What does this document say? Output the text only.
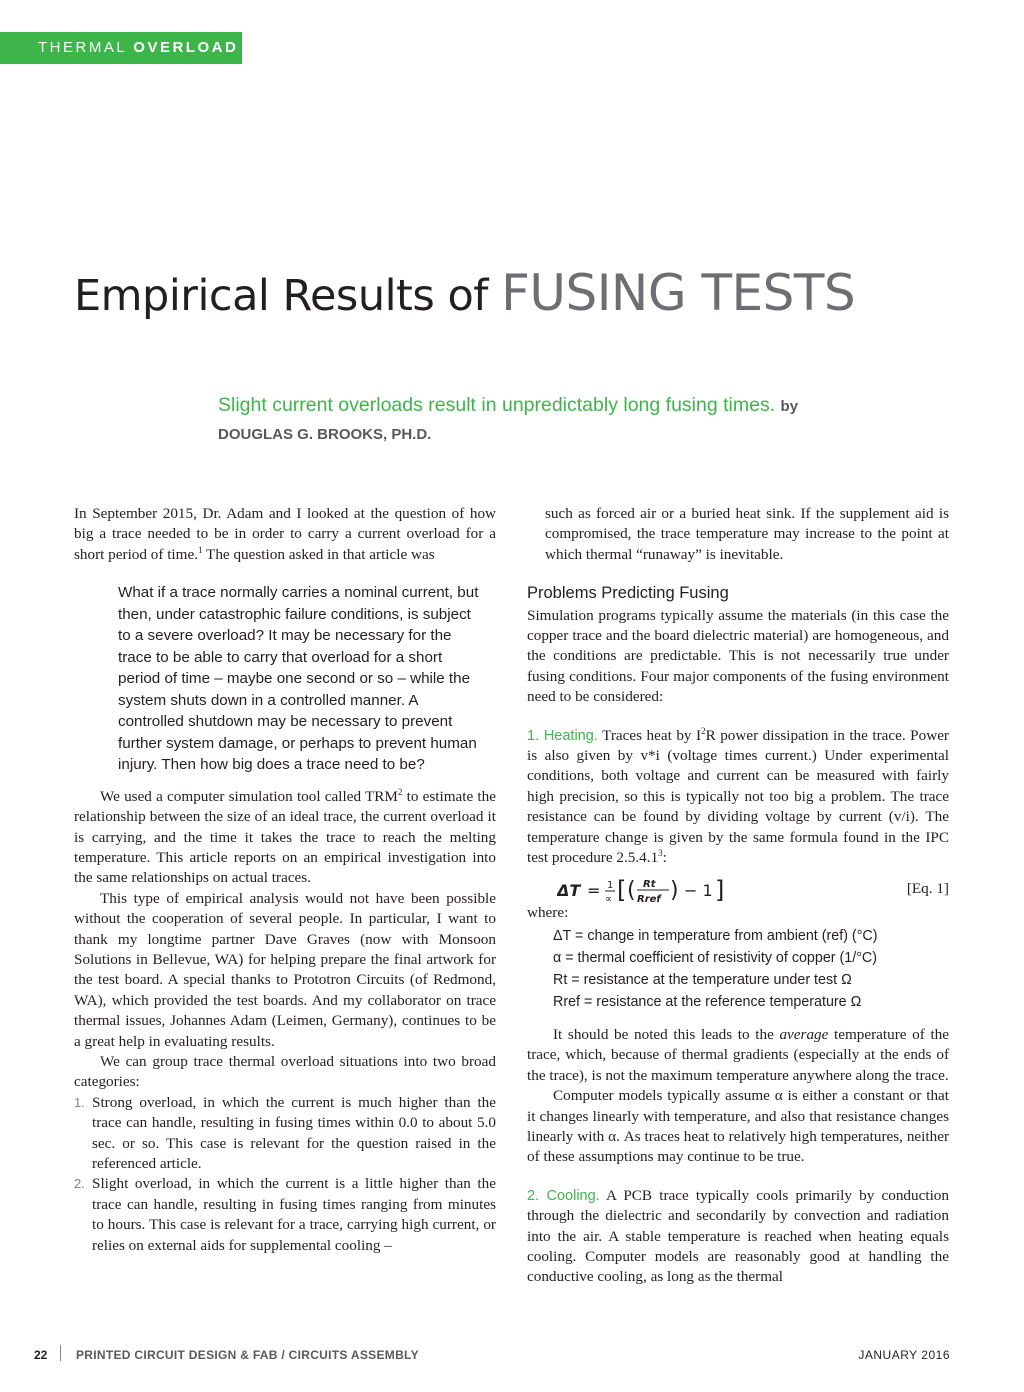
THERMAL OVERLOAD
Empirical Results of FUSING TESTS

Slight current overloads result in unpredictably long fusing times. by DOUGLAS G. BROOKS, PH.D.

In September 2015, Dr. Adam and I looked at the question of how big a trace needed to be in order to carry a current overload for a short period of time.$^1$ The question asked in that article was

What if a trace normally carries a nominal current, but then, under catastrophic failure conditions, is subject to a severe overload? It may be necessary for the trace to be able to carry that overload for a short period of time – maybe one second or so – while the system shuts down in a controlled manner. A controlled shutdown may be necessary to prevent further system damage, or perhaps to prevent human injury. Then how big does a trace need to be?

We used a computer simulation tool called TRM$^2$ to estimate the relationship between the size of an ideal trace, the current overload it is carrying, and the time it takes the trace to reach the melting temperature. This article reports on an empirical investigation into the same relationships on actual traces.

This type of empirical analysis would not have been possible without the cooperation of several people. In particular, I want to thank my longtime partner Dave Graves (now with Monsoon Solutions in Bellevue, WA) for helping prepare the final artwork for the test board. A special thanks to Prototron Circuits (of Redmond, WA), which provided the test boards. And my collaborator on trace thermal issues, Johannes Adam (Leimen, Germany), continues to be a great help in evaluating results.

We can group trace thermal overload situations into two broad categories:

1. Strong overload, in which the current is much higher than the trace can handle, resulting in fusing times within 0.0 to about 5.0 sec. or so. This case is relevant for the question raised in the referenced article.
2. Slight overload, in which the current is a little higher than the trace can handle, resulting in fusing times ranging from minutes to hours. This case is relevant for a trace, carrying high current, or relies on external aids for supplemental cooling –

such as forced air or a buried heat sink. If the supplement aid is compromised, the trace temperature may increase to the point at which thermal “runaway” is inevitable.

Problems Predicting Fusing

Simulation programs typically assume the materials (in this case the copper trace and the board dielectric material) are homogeneous, and the conditions are predictable. This is not necessarily true under fusing conditions. Four major components of the fusing environment need to be considered:

1. Heating. Traces heat by $I^2R$ power dissipation in the trace. Power is also given by v*i (voltage times current.) Under experimental conditions, both voltage and current can be measured with fairly high precision, so this is typically not too big a problem. The trace resistance can be found by dividing voltage by current (v/i). The temperature change is given by the same formula found in the IPC test procedure 2.5.4.1$^3$:

ΔT = 1
∝ [ ( Rt
Rref ) − 1 ]	[Eq. 1]

where:

ΔT = change in temperature from ambient (ref) (°C)
α = thermal coefficient of resistivity of copper (1/°C)
Rt = resistance at the temperature under test Ω
Rref = resistance at the reference temperature Ω

It should be noted this leads to the average temperature of the trace, which, because of thermal gradients (especially at the ends of the trace), is not the maximum temperature anywhere along the trace.

Computer models typically assume α is either a constant or that it changes linearly with temperature, and also that resistance changes linearly with α. As traces heat to relatively high temperatures, neither of these assumptions may continue to be true.

2. Cooling. A PCB trace typically cools primarily by conduction through the dielectric and secondarily by convection and radiation into the air. A stable temperature is reached when heating equals cooling. Computer models are reasonably good at handling the conductive cooling, as long as the thermal

22 PRINTED CIRCUIT DESIGN & FAB / CIRCUITS ASSEMBLY	JANUARY 2016
